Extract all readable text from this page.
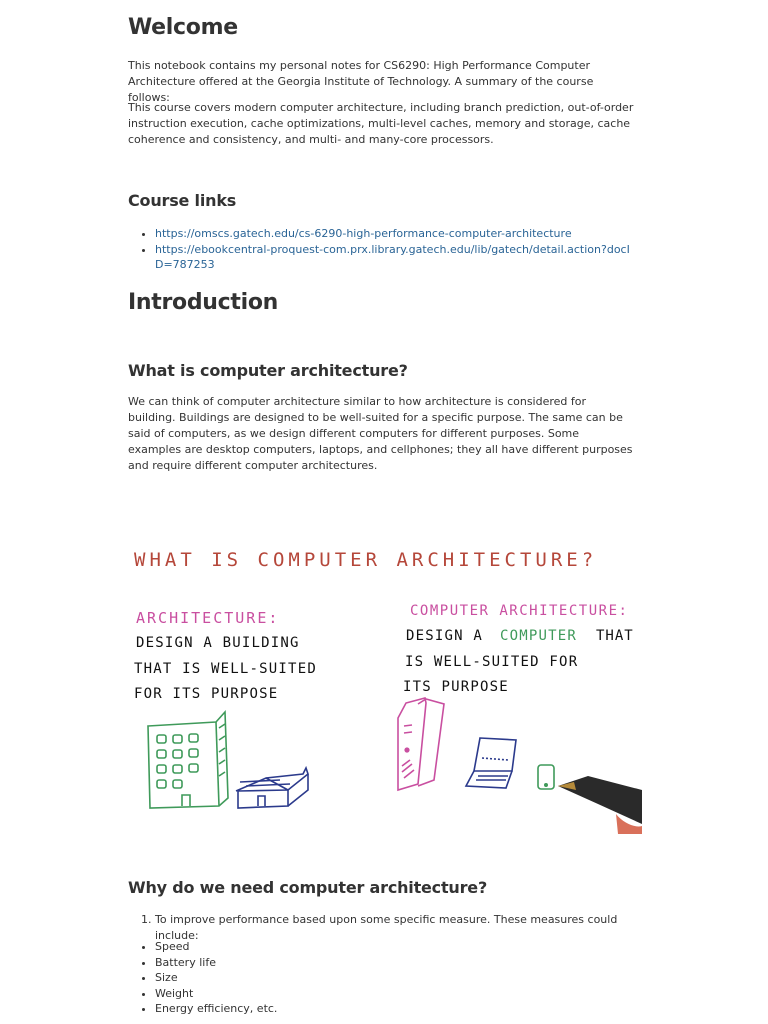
Welcome

This notebook contains my personal notes for CS6290: High Performance Computer Architecture offered at the Georgia Institute of Technology. A summary of the course follows:

This course covers modern computer architecture, including branch prediction, out-of-order instruction execution, cache optimizations, multi-level caches, memory and storage, cache coherence and consistency, and multi- and many-core processors.

Course links
• https://omscs.gatech.edu/cs-6290-high-performance-computer-architecture
• https://ebookcentral-proquest-com.prx.library.gatech.edu/lib/gatech/detail.action?docID=787253
Introduction
What is computer architecture?

We can think of computer architecture similar to how architecture is considered for building. Buildings are designed to be well-suited for a specific purpose. The same can be said of computers, as we design different computers for different purposes. Some examples are desktop computers, laptops, and cellphones; they all have different purposes and require different computer architectures.

WHAT IS COMPUTER ARCHITECTURE?
ARCHITECTURE:
DESIGN A BUILDING
THAT IS WELL-SUITED
FOR ITS PURPOSE
COMPUTER ARCHITECTURE:
DESIGN A COMPUTER THAT
IS WELL-SUITED FOR
ITS PURPOSE
Why do we need computer architecture?
1. To improve performance based upon some specific measure. These measures could include:
• Speed
• Battery life
• Size
• Weight
• Energy efficiency, etc.
